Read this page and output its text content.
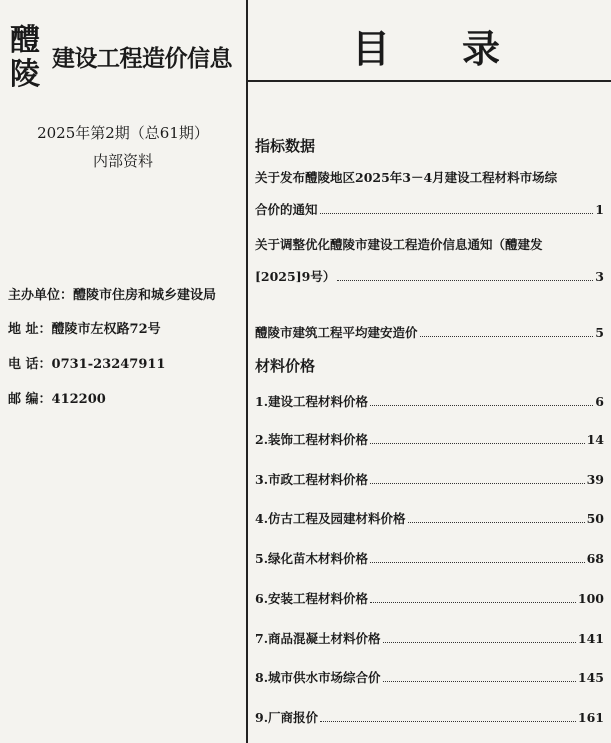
醴
陵 建设工程造价信息
2025年第2期（总61期）
内部资料
主办单位：醴陵市住房和城乡建设局
地 址：醴陵市左权路72号
电 话：0731-23247911
邮 编：412200
目录
指标数据
关于发布醴陵地区2025年3－4月建设工程材料市场综
合价的通知	1
关于调整优化醴陵市建设工程造价信息通知（醴建发
[2025]9号）	3
醴陵市建筑工程平均建安造价	5
材料价格
1.建设工程材料价格	6
2.装饰工程材料价格	14
3.市政工程材料价格	39
4.仿古工程及园建材料价格	50
5.绿化苗木材料价格	68
6.安装工程材料价格	100
7.商品混凝土材料价格	141
8.城市供水市场综合价	145
9.厂商报价	161
